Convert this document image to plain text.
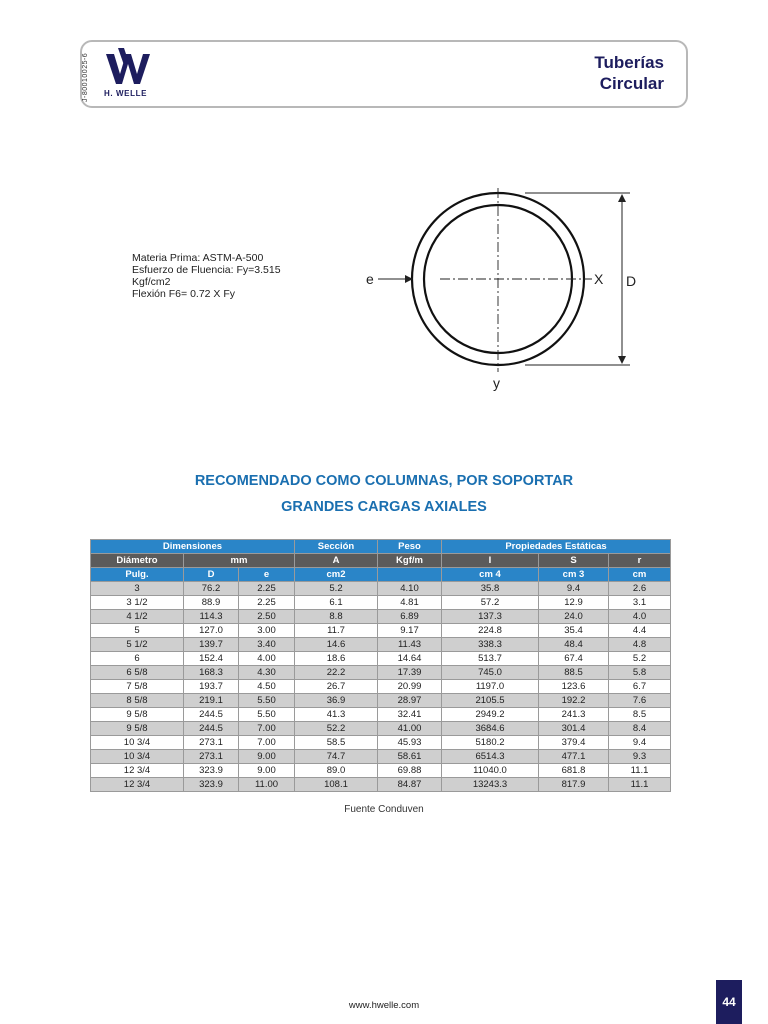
J-80010025-6	H. WELLE
Tuberías
Circular
Materia Prima: ASTM-A-500
Esfuerzo de Fluencia: Fy=3.515
Kgf/cm2
Flexión F6= 0.72 X Fy
e	X D
y
RECOMENDADO COMO COLUMNAS, POR SOPORTAR
GRANDES CARGAS AXIALES
Dimensiones			Sección	Peso	Propiedades Estáticas		
Diámetro	mm		A	Kgf/m	I	S	r
Pulg.	D	e	cm2		cm 4	cm 3	cm
3	76.2	2.25	5.2	4.10	35.8	9.4	2.6
3 1/2	88.9	2.25	6.1	4.81	57.2	12.9	3.1
4 1/2	114.3	2.50	8.8	6.89	137.3	24.0	4.0
5	127.0	3.00	11.7	9.17	224.8	35.4	4.4
5 1/2	139.7	3.40	14.6	11.43	338.3	48.4	4.8
6	152.4	4.00	18.6	14.64	513.7	67.4	5.2
6 5/8	168.3	4.30	22.2	17.39	745.0	88.5	5.8
7 5/8	193.7	4.50	26.7	20.99	1197.0	123.6	6.7
8 5/8	219.1	5.50	36.9	28.97	2105.5	192.2	7.6
9 5/8	244.5	5.50	41.3	32.41	2949.2	241.3	8.5
9 5/8	244.5	7.00	52.2	41.00	3684.6	301.4	8.4
10 3/4	273.1	7.00	58.5	45.93	5180.2	379.4	9.4
10 3/4	273.1	9.00	74.7	58.61	6514.3	477.1	9.3
12 3/4	323.9	9.00	89.0	69.88	11040.0	681.8	11.1
12 3/4	323.9	11.00	108.1	84.87	13243.3	817.9	11.1
Fuente Conduven
www.hwelle.com	44
